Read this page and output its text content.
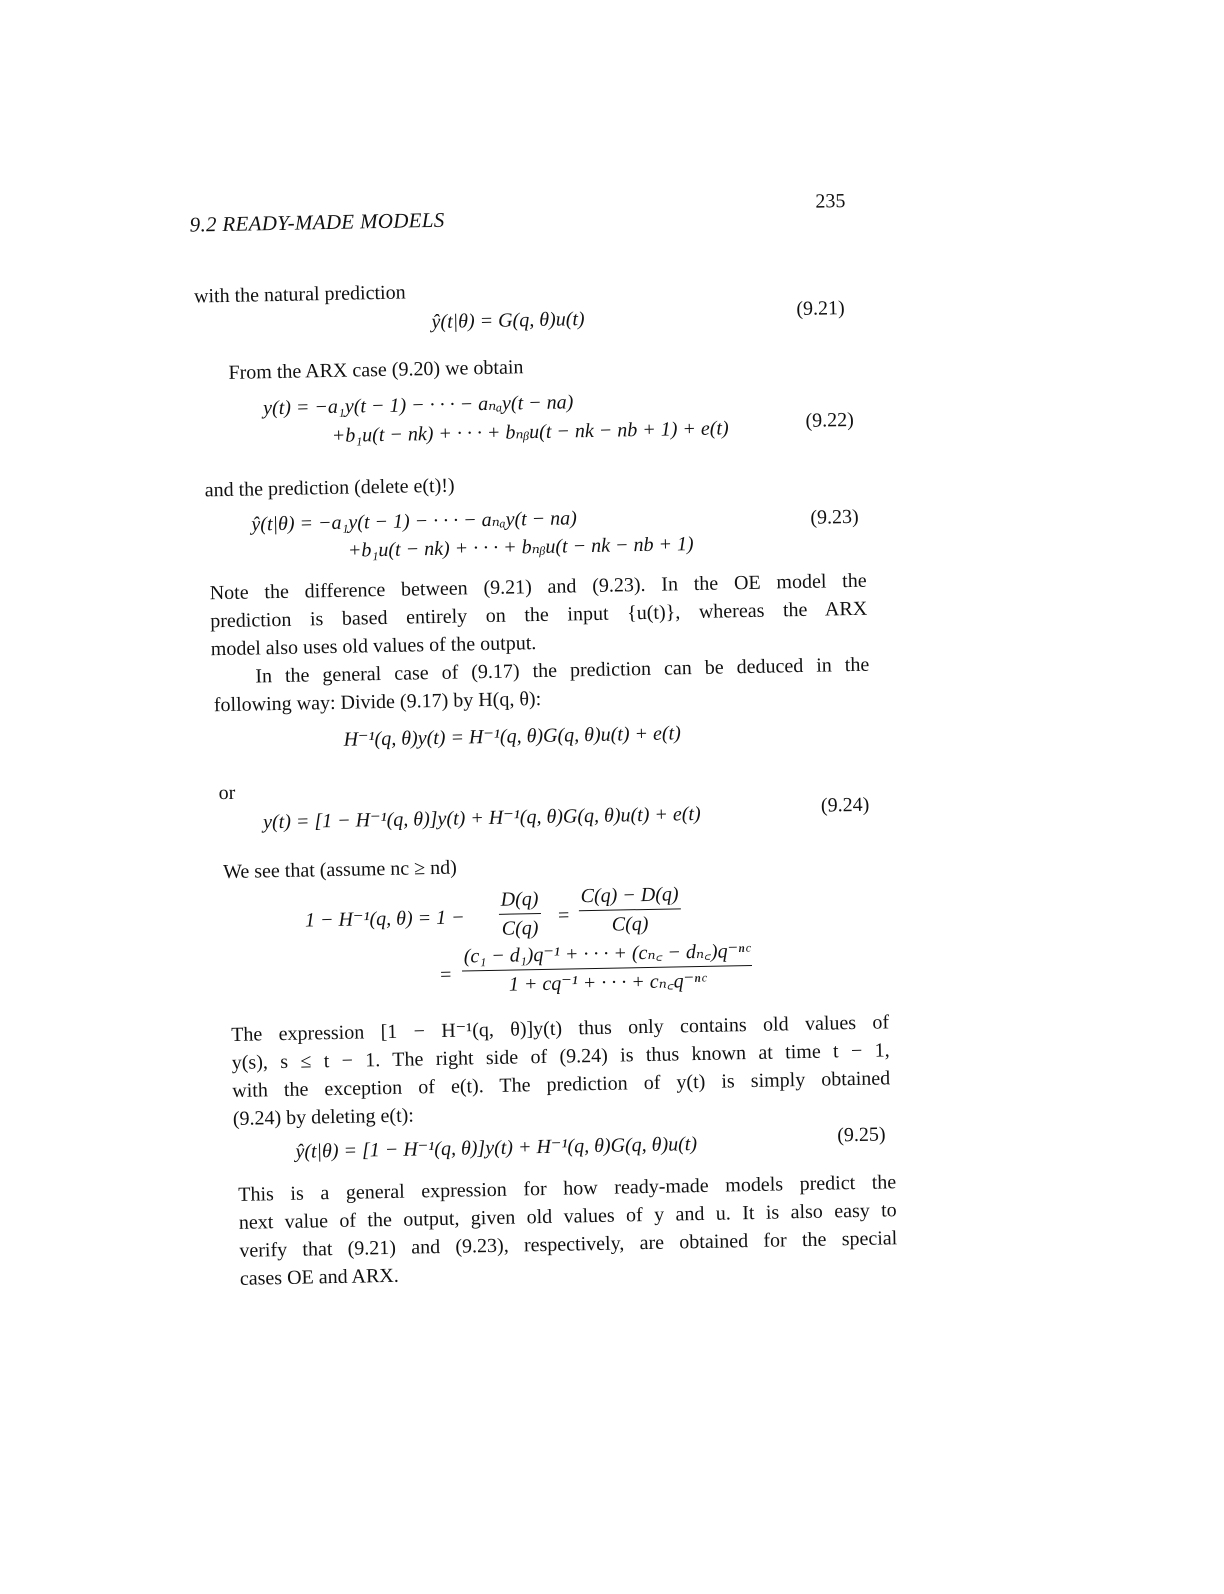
9.2 READY-MADE MODELS
235
with the natural prediction
ŷ(t|θ) = G(q, θ)u(t)	(9.21)
From the ARX case (9.20) we obtain
y(t) = −a₁y(t − 1) − · · · − aₙₐy(t − na)
+b₁u(t − nk) + · · · + bₙᵦu(t − nk − nb + 1) + e(t)	(9.22)
and the prediction (delete e(t)!)
ŷ(t|θ) = −a₁y(t − 1) − · · · − aₙₐy(t − na)
+b₁u(t − nk) + · · · + bₙᵦu(t − nk − nb + 1)
(9.23)
Note the difference between (9.21) and (9.23). In the OE model the
prediction is based entirely on the input {u(t)}, whereas the ARX
model also uses old values of the output.
In the general case of (9.17) the prediction can be deduced in the
following way: Divide (9.17) by H(q, θ):
H⁻¹(q, θ)y(t) = H⁻¹(q, θ)G(q, θ)u(t) + e(t)
or
y(t) = [1 − H⁻¹(q, θ)]y(t) + H⁻¹(q, θ)G(q, θ)u(t) + e(t)	(9.24)
We see that (assume nc ≥ nd)
1 − H⁻¹(q, $\theta) = 1 - \frac{D(q)}{C(q)} = \frac{C(q) - D(q)}{C(q)}$
= $\frac{\text{(c₁ − d₁)q⁻¹ + · · · + (cₙ꜀ − dₙ꜀)q⁻ⁿᶜ}}{\text{1 + cq⁻¹ + · · · + cₙ꜀q⁻ⁿᶜ}}$
The expression [1 − H⁻¹(q, θ)]y(t) thus only contains old values of
y(s), s ≤ t − 1. The right side of (9.24) is thus known at time t − 1,
with the exception of e(t). The prediction of y(t) is simply obtained
(9.24) by deleting e(t):
ŷ(t|θ) = [1 − H⁻¹(q, θ)]y(t) + H⁻¹(q, θ)G(q, θ)u(t)	(9.25)
This is a general expression for how ready-made models predict the
next value of the output, given old values of y and u. It is also easy to
verify that (9.21) and (9.23), respectively, are obtained for the special
cases OE and ARX.
